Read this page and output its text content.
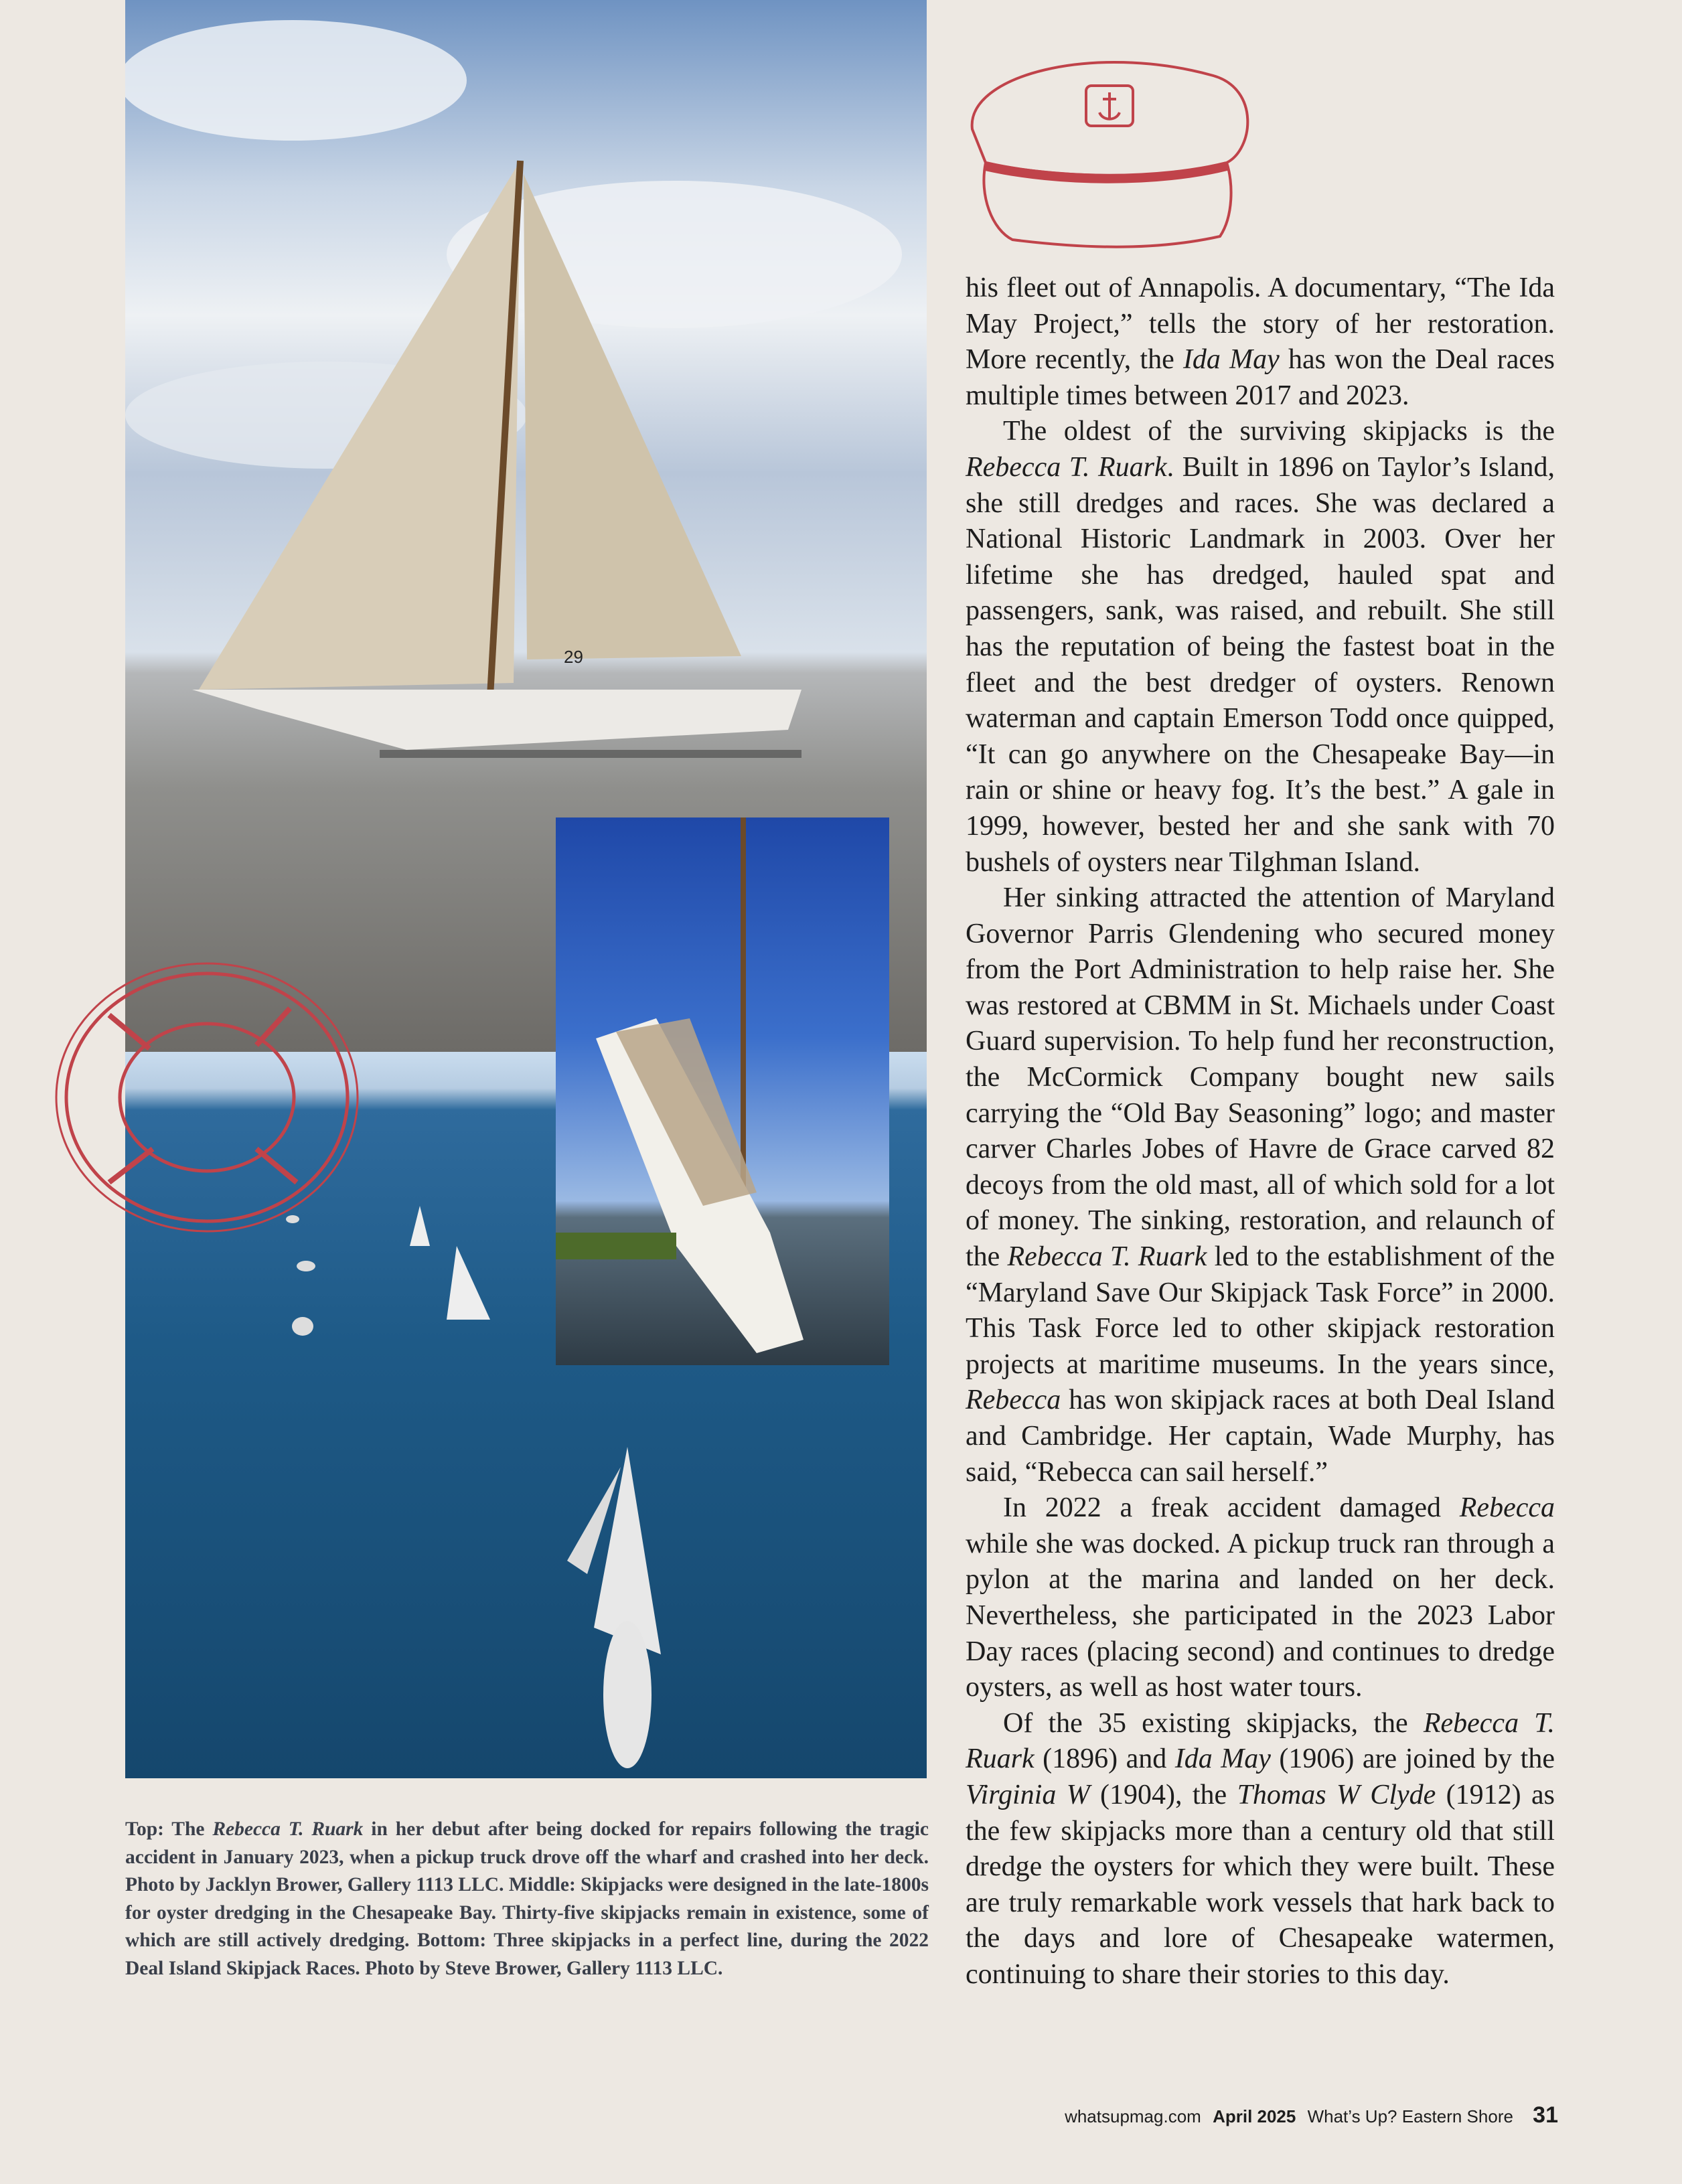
29

his fleet out of Annapolis. A documentary, “The Ida May Project,” tells the story of her restoration. More recently, the Ida May has won the Deal races multiple times between 2017 and 2023.

The oldest of the surviving skipjacks is the Rebecca T. Ruark. Built in 1896 on Taylor’s Island, she still dredges and races. She was declared a National Historic Landmark in 2003. Over her lifetime she has dredged, hauled spat and passengers, sank, was raised, and rebuilt. She still has the reputation of being the fastest boat in the fleet and the best dredger of oysters. Renown waterman and captain Emerson Todd once quipped, “It can go anywhere on the Chesapeake Bay—in rain or shine or heavy fog. It’s the best.” A gale in 1999, however, bested her and she sank with 70 bushels of oysters near Tilghman Island.

Her sinking attracted the attention of Maryland Governor Parris Glendening who secured money from the Port Administration to help raise her. She was restored at CBMM in St. Michaels under Coast Guard supervision. To help fund her reconstruction, the McCormick Company bought new sails carrying the “Old Bay Seasoning” logo; and master carver Charles Jobes of Havre de Grace carved 82 decoys from the old mast, all of which sold for a lot of money. The sinking, restoration, and relaunch of the Rebecca T. Ruark led to the establishment of the “Maryland Save Our Skipjack Task Force” in 2000. This Task Force led to other skipjack restoration projects at maritime museums. In the years since, Rebecca has won skipjack races at both Deal Island and Cambridge. Her captain, Wade Murphy, has said, “Rebecca can sail herself.”

In 2022 a freak accident damaged Rebecca while she was docked. A pickup truck ran through a pylon at the marina and landed on her deck. Nevertheless, she participated in the 2023 Labor Day races (placing second) and continues to dredge oysters, as well as host water tours.

Of the 35 existing skipjacks, the Rebecca T. Ruark (1896) and Ida May (1906) are joined by the Virginia W (1904), the Thomas W Clyde (1912) as the few skipjacks more than a century old that still dredge the oysters for which they were built. These are truly remarkable work vessels that hark back to the days and lore of Chesapeake watermen, continuing to share their stories to this day.

Top: The Rebecca T. Ruark in her debut after being docked for repairs following the tragic accident in January 2023, when a pickup truck drove off the wharf and crashed into her deck. Photo by Jacklyn Brower, Gallery 1113 LLC. Middle: Skipjacks were designed in the late-1800s for oyster dredging in the Chesapeake Bay. Thirty-five skipjacks remain in existence, some of which are still actively dredging. Bottom: Three skipjacks in a perfect line, during the 2022 Deal Island Skipjack Races. Photo by Steve Brower, Gallery 1113 LLC.
whatsupmag.com April 2025 What’s Up? Eastern Shore 31
